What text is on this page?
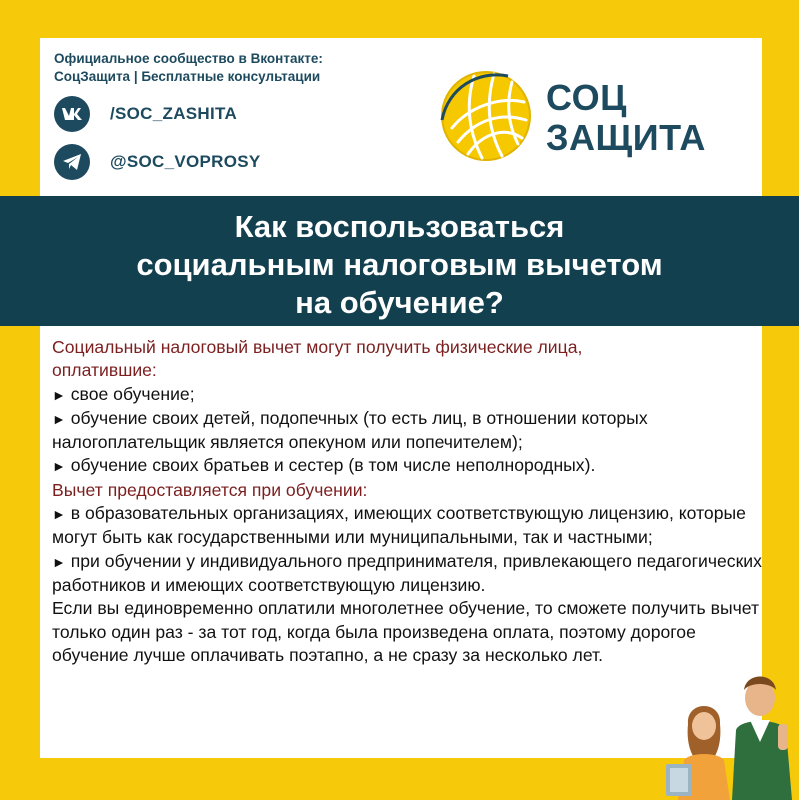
Официальное сообщество в Вконтакте:
СоцЗащита | Бесплатные консультации
/SOC_ZASHITA
@SOC_VOPROSY
СОЦ
ЗАЩИТА
Как воспользоваться
социальным налоговым вычетом
на обучение?

Социальный налоговый вычет могут получить физические лица,

оплатившие:

► своe обучение;

► обучение своих детей, подопечных (то есть лиц, в отношении которых налогоплательщик является опекуном или попечителем);

► обучение своих братьев и сестер (в том числе неполнородных).

Вычет предоставляется при обучении:

► в образовательных организациях, имеющих соответствующую лицензию, которые могут быть как государственными или муниципальными, так и частными;

► при обучении у индивидуального предпринимателя, привлекающего педагогических работников и имеющих соответствующую лицензию.

Если вы единовременно оплатили многолетнее обучение, то сможете получить вычет только один раз - за тот год, когда была произведена оплата, поэтому дорогое обучение лучше оплачивать поэтапно, а не сразу за несколько лет.
